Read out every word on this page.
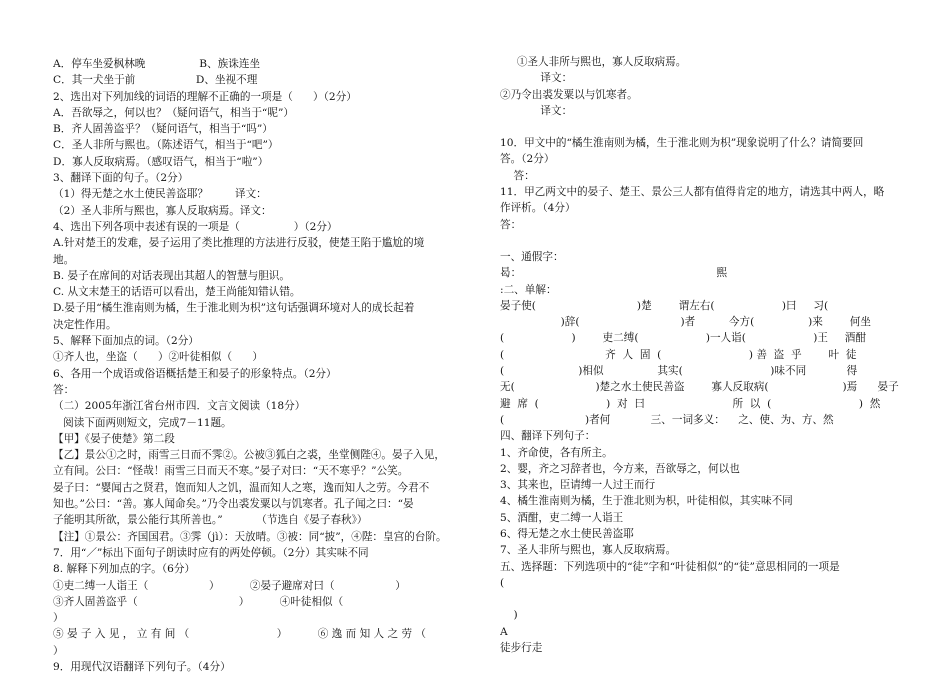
A．停车坐爱枫林晚                B、族诛连坐
C．其一犬坐于前                  D、坐视不理
2、选出对下列加线的词语的理解不正确的一项是（      ）（2分）
A．吾欲辱之，何以也？（疑问语气，相当于“呢”）
B．齐人固善盗乎？（疑问语气，相当于“吗”）
C．圣人非所与熙也。（陈述语气，相当于“吧”）
D．寡人反取病焉。（感叹语气，相当于“啦”）
3、翻译下面的句子。（2分）
（1）得无楚之水土使民善盗耶？        译文：
（2）圣人非所与熙也，寡人反取病焉。译文：
4、选出下列各项中表述有误的一项是（                ）（2分）
A.针对楚王的发难，晏子运用了类比推理的方法进行反驳，使楚王陷于尴尬的境
地。
B. 晏子在席间的对话表现出其超人的智慧与胆识。
C. 从文末楚王的话语可以看出，楚王尚能知错认错。
D.晏子用“橘生淮南则为橘，生于淮北则为枳”这句话强调环境对人的成长起着
决定性作用。
5、解释下面加点的词。（2分）
①齐人也，坐盗（      ）②叶徒相似（      ）
6、各用一个成语或俗语概括楚王和晏子的形象特点。（2分）
答：
（二）2005年浙江省台州市四．文言文阅读（18分）
阅读下面两则短文，完成7－11题。
【甲】《晏子使楚》第二段
【乙】景公①之时，雨雪三日而不霁②。公被③狐白之裘，坐堂侧陛④。晏子入见，
立有间。公曰：“怪哉！雨雪三日而天不寒。”晏子对曰：“天不寒乎？”公笑。
晏子曰：“婴闻古之贤君，饱而知人之饥，温而知人之寒，逸而知人之劳。今君不
知也。”公曰：“善。寡人闻命矣。”乃令出裘发粟以与饥寒者。孔子闻之曰：“晏
子能明其所欲，景公能行其所善也。”          （节选自《晏子春秋》）
【注】①景公：齐国国君。③霁（jì）：天放晴。③被：同“披”，④陛：皇宫的台阶。
7．用“／”标出下面句子朗读时应有的两处停顿。（2分）其实味不同
8. 解释下列加点的字。（6分）
①吏二缚一人诣王（                  ）         ②晏子避席对曰（                  ）
③齐人固善盗乎（                              ）         ④叶徒相似（
）
⑤ 晏 子 入 见 ， 立 有 间 （                          ）         ⑥ 逸 而 知 人 之 劳 （
）
9．用现代汉语翻译下列句子。（4分）
①圣人非所与熙也，寡人反取病焉。
译文：
②乃令出裘发粟以与饥寒者。
译文：
10．甲文中的“橘生淮南则为橘，生于淮北则为枳”现象说明了什么？请简要回
答。（2分）
答：
11．甲乙两文中的晏子、楚王、景公三人都有值得肯定的地方，请选其中两人，略
作评析。（4分）
答：
一、通假字：
曷：                                                          熙
:二、单解：
晏子使(                              )楚        谓左右(                    )曰     习(
)辞(                              )者          今方(                )来        何坐
(                    )        吏二缚(                    )一人诣(                    )王     酒酣
(                              齐  人  固  (                          ) 善  盗  乎        叶  徒
(                      )相似                其实(                          )味不同            得
无(                        )楚之水土使民善盗        寡人反取病(                      )焉      晏子
避  席  (                    )  对  曰                          所  以  (                          )  然
(                        )者何            三、一词多义：    之、使、为、方、然
四、翻译下列句子：
1、齐命使，各有所主。
2、婴，齐之习辞者也，今方来，吾欲辱之，何以也
3、其来也，臣请缚一人过王而行
4、橘生淮南则为橘，生于淮北则为枳，叶徒相似，其实味不同
5、酒酣，吏二缚一人诣王
6、得无楚之水土使民善盗耶
7、圣人非所与熙也，寡人反取病焉。
五、选择题：下列选项中的“徒”字和“叶徒相似”的“徒”意思相同的一项是
(
)
A
徒步行走
